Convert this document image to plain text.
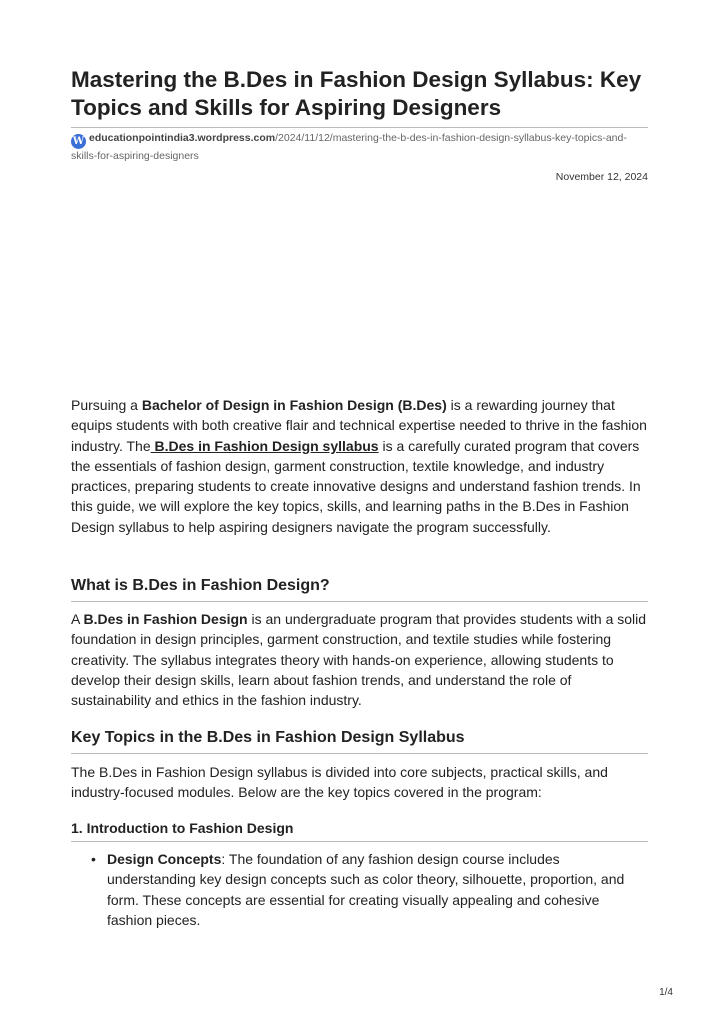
Mastering the B.Des in Fashion Design Syllabus: Key Topics and Skills for Aspiring Designers
W educationpointindia3.wordpress.com/2024/11/12/mastering-the-b-des-in-fashion-design-syllabus-key-topics-and-skills-for-aspiring-designers
November 12, 2024

Pursuing a Bachelor of Design in Fashion Design (B.Des) is a rewarding journey that equips students with both creative flair and technical expertise needed to thrive in the fashion industry. The B.Des in Fashion Design syllabus is a carefully curated program that covers the essentials of fashion design, garment construction, textile knowledge, and industry practices, preparing students to create innovative designs and understand fashion trends. In this guide, we will explore the key topics, skills, and learning paths in the B.Des in Fashion Design syllabus to help aspiring designers navigate the program successfully.

What is B.Des in Fashion Design?

A B.Des in Fashion Design is an undergraduate program that provides students with a solid foundation in design principles, garment construction, and textile studies while fostering creativity. The syllabus integrates theory with hands-on experience, allowing students to develop their design skills, learn about fashion trends, and understand the role of sustainability and ethics in the fashion industry.

Key Topics in the B.Des in Fashion Design Syllabus

The B.Des in Fashion Design syllabus is divided into core subjects, practical skills, and industry-focused modules. Below are the key topics covered in the program:

1. Introduction to Fashion Design
• Design Concepts: The foundation of any fashion design course includes understanding key design concepts such as color theory, silhouette, proportion, and form. These concepts are essential for creating visually appealing and cohesive fashion pieces.
1/4
